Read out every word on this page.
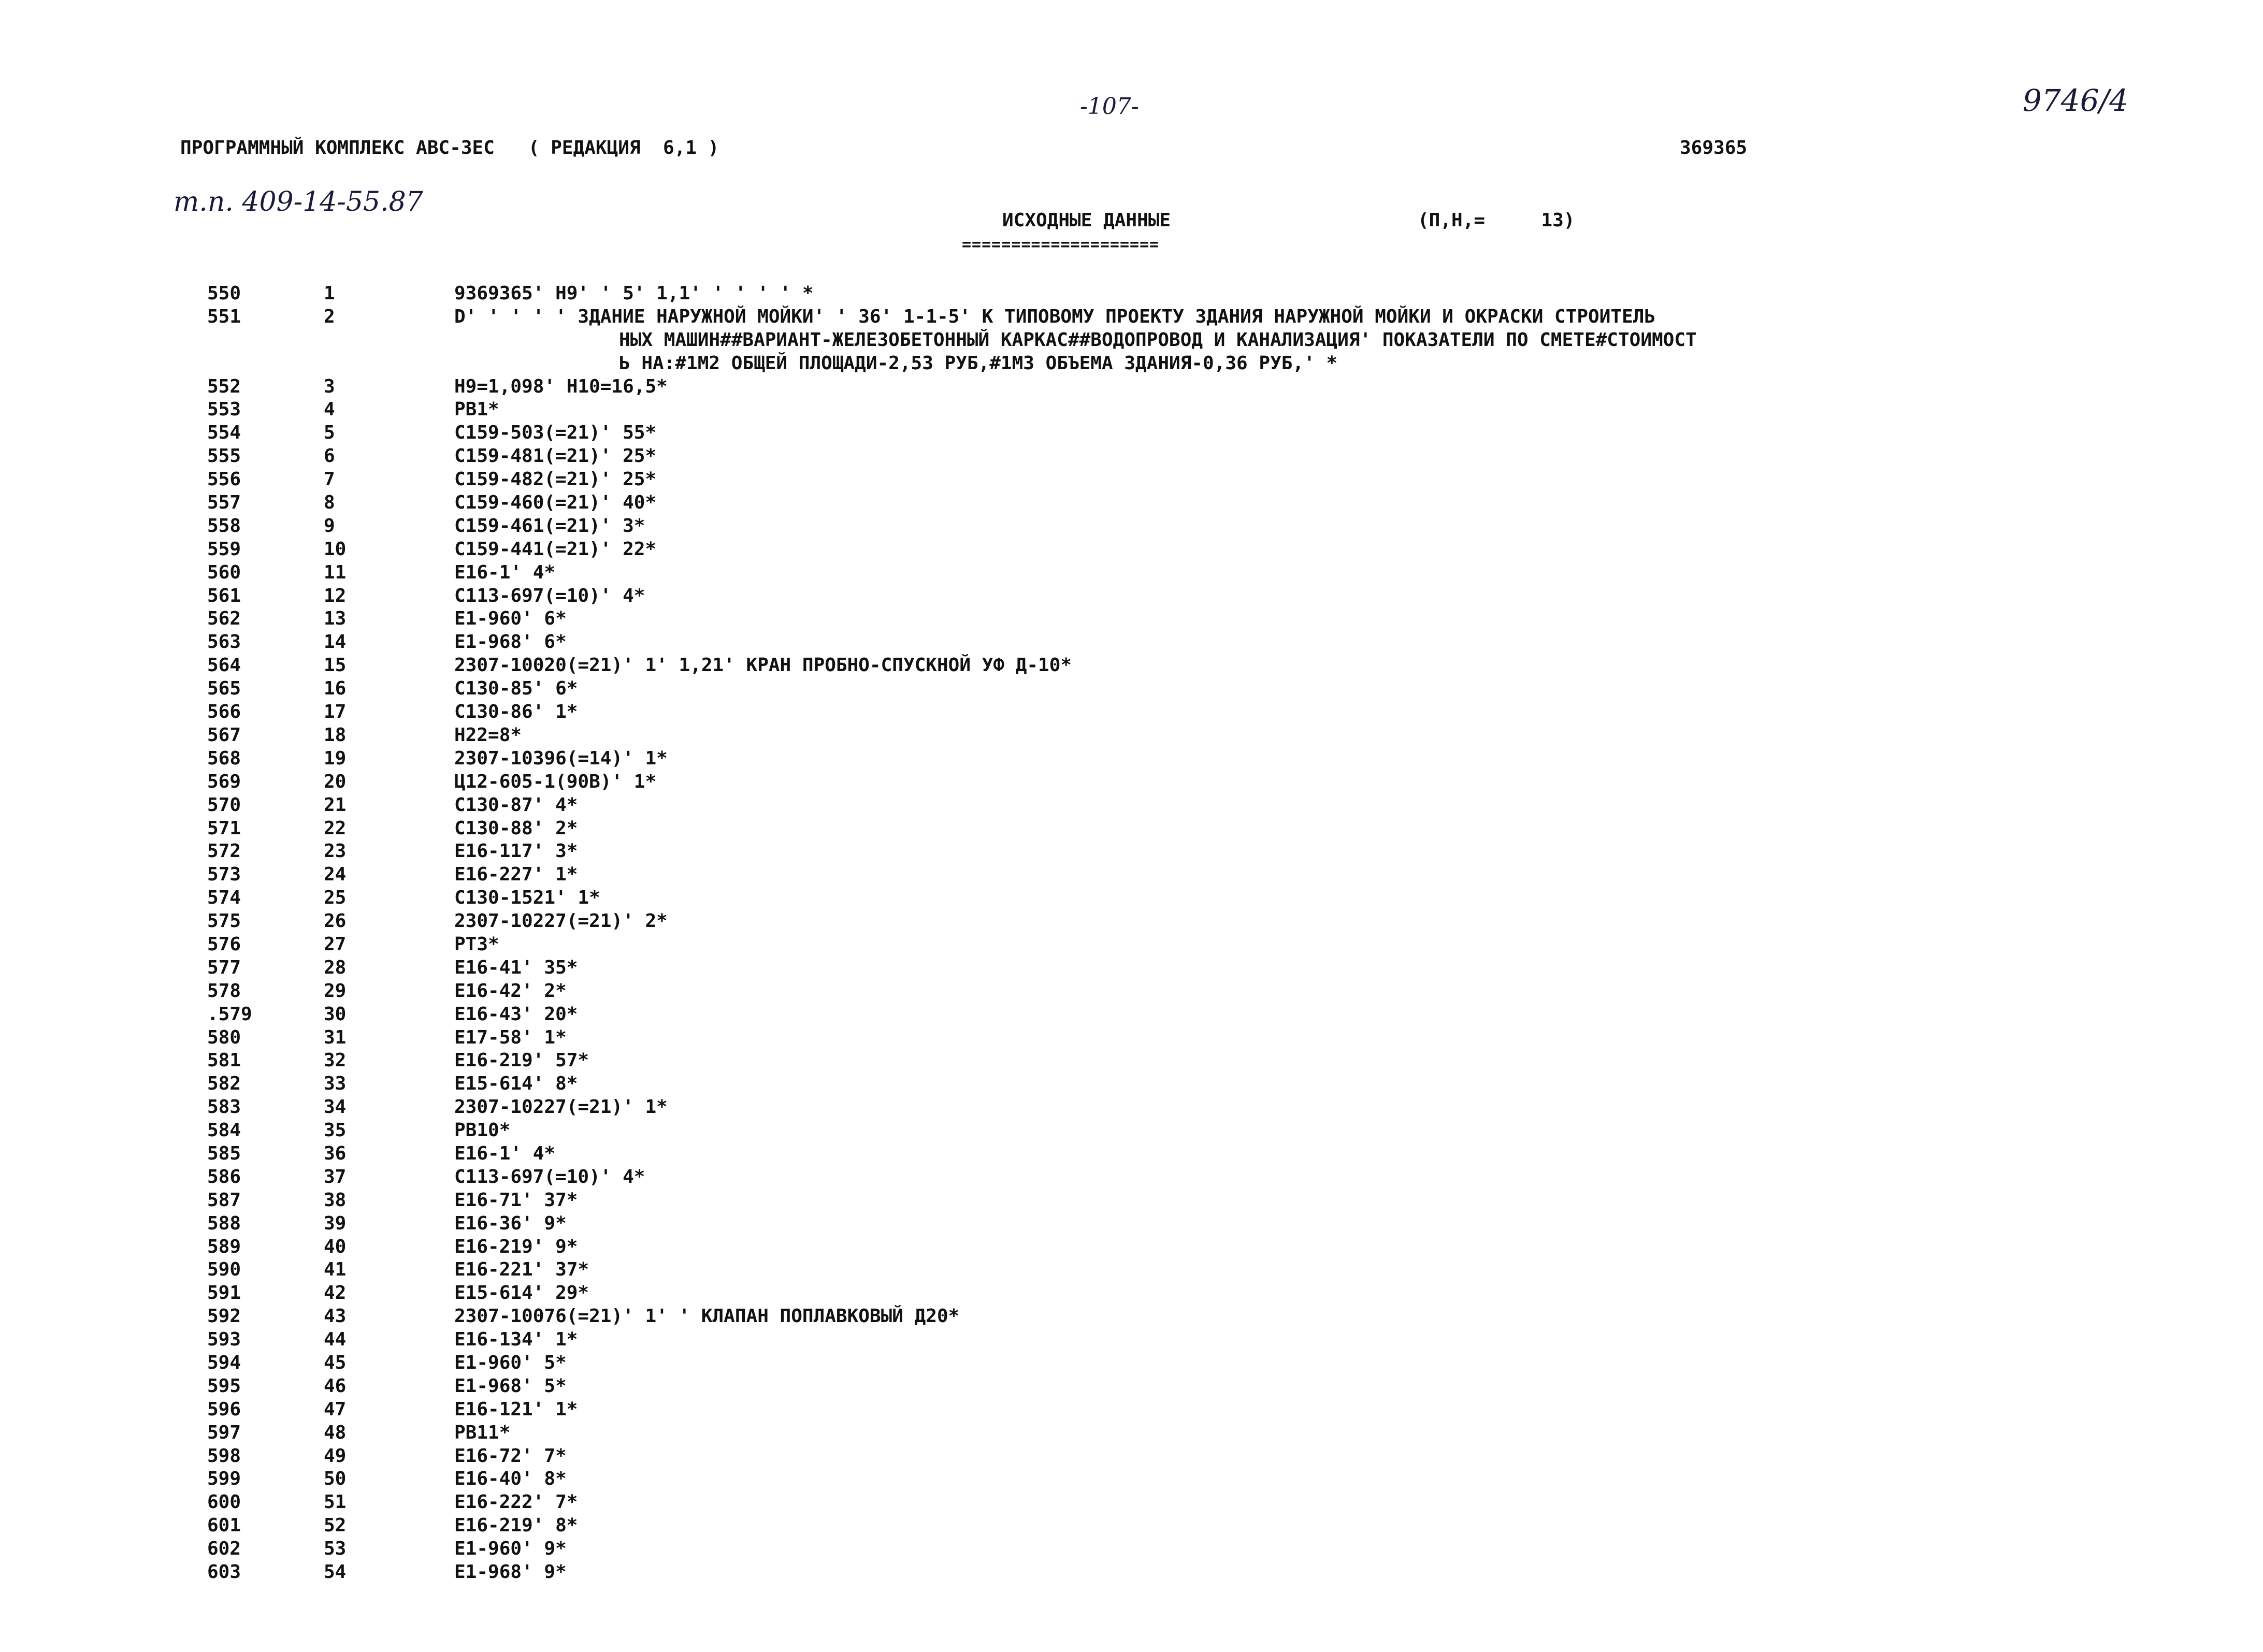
-107-	9746/4
ПРОГРАММНЫЙ КОМПЛЕКС АВС-3ЕС   ( РЕДАКЦИЯ  6,1 )	369365
т.п. 409-14-55.87
ИСХОДНЫЕ ДАННЫЕ	(П,Н,=     13)
====================
550	1	9369365' Н9' ' 5' 1,1' ' ' ' ' *
551	2	D' ' ' ' ' ЗДАНИЕ НАРУЖНОЙ МОЙКИ' ' 36' 1-1-5' К ТИПОВОМУ ПРОЕКТУ ЗДАНИЯ НАРУЖНОЙ МОЙКИ И ОКРАСКИ СТРОИТЕЛЬ
НЫХ МАШИН##ВАРИАНТ-ЖЕЛЕЗОБЕТОННЫЙ КАРКАС##ВОДОПРОВОД И КАНАЛИЗАЦИЯ' ПОКАЗАТЕЛИ ПО СМЕТЕ#СТОИМОСТ
Ь НА:#1М2 ОБЩЕЙ ПЛОЩАДИ-2,53 РУБ,#1М3 ОБЪЕМА ЗДАНИЯ-0,36 РУБ,' *
552	3	Н9=1,098' Н10=16,5*
553	4	РВ1*
554	5	С159-503(=21)' 55*
555	6	С159-481(=21)' 25*
556	7	С159-482(=21)' 25*
557	8	С159-460(=21)' 40*
558	9	С159-461(=21)' 3*
559	10	С159-441(=21)' 22*
560	11	Е16-1' 4*
561	12	С113-697(=10)' 4*
562	13	Е1-960' 6*
563	14	Е1-968' 6*
564	15	2307-10020(=21)' 1' 1,21' КРАН ПРОБНО-СПУСКНОЙ УФ Д-10*
565	16	С130-85' 6*
566	17	С130-86' 1*
567	18	Н22=8*
568	19	2307-10396(=14)' 1*
569	20	Ц12-605-1(90В)' 1*
570	21	С130-87' 4*
571	22	С130-88' 2*
572	23	Е16-117' 3*
573	24	Е16-227' 1*
574	25	С130-1521' 1*
575	26	2307-10227(=21)' 2*
576	27	РТ3*
577	28	Е16-41' 35*
578	29	Е16-42' 2*
.579	30	Е16-43' 20*
580	31	Е17-58' 1*
581	32	Е16-219' 57*
582	33	Е15-614' 8*
583	34	2307-10227(=21)' 1*
584	35	РВ10*
585	36	Е16-1' 4*
586	37	С113-697(=10)' 4*
587	38	Е16-71' 37*
588	39	Е16-36' 9*
589	40	Е16-219' 9*
590	41	Е16-221' 37*
591	42	Е15-614' 29*
592	43	2307-10076(=21)' 1' ' КЛАПАН ПОПЛАВКОВЫЙ Д20*
593	44	Е16-134' 1*
594	45	Е1-960' 5*
595	46	Е1-968' 5*
596	47	Е16-121' 1*
597	48	РВ11*
598	49	Е16-72' 7*
599	50	Е16-40' 8*
600	51	Е16-222' 7*
601	52	Е16-219' 8*
602	53	Е1-960' 9*
603	54	Е1-968' 9*
